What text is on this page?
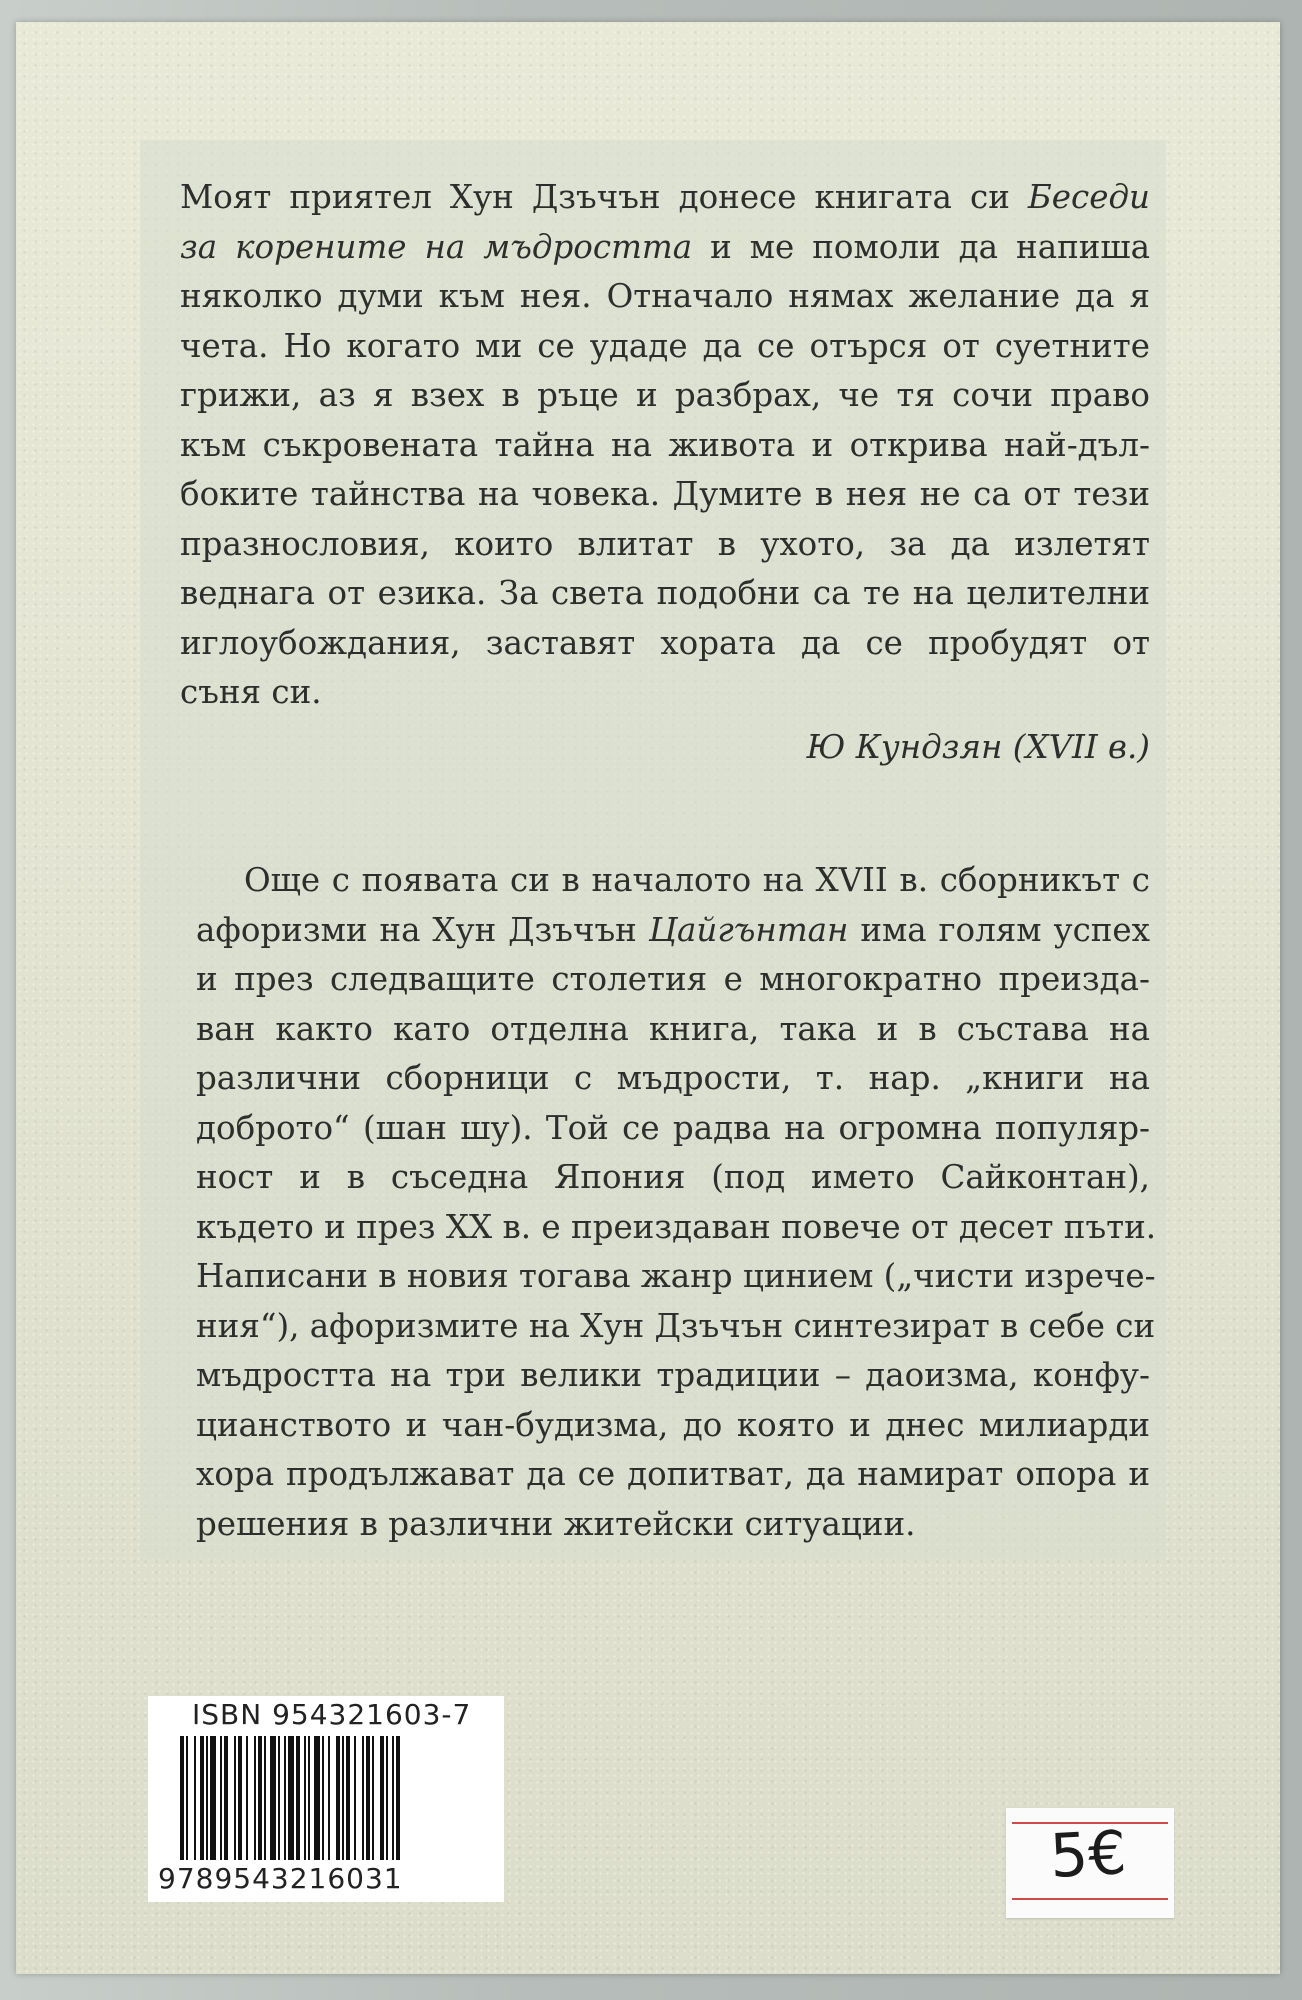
Моят приятел Хун Дзъчън донесе книгата си Беседи
за корените на мъдростта и ме помоли да напиша
няколко думи към нея. Отначало нямах желание да я
чета. Но когато ми се удаде да се отърся от суетните
грижи, аз я взех в ръце и разбрах, че тя сочи право
към съкровената тайна на живота и открива най-дъл-
боките тайнства на човека. Думите в нея не са от тези
празнословия, които влитат в ухото, за да излетят
веднага от езика. За света подобни са те на целителни
иглоубождания, заставят хората да се пробудят от
съня си.
Ю Кундзян (XVII в.)
Още с появата си в началото на XVII в. сборникът с
афоризми на Хун Дзъчън Цайгънтан има голям успех
и през следващите столетия е многократно преизда-
ван както като отделна книга, така и в състава на
различни сборници с мъдрости, т. нар. „книги на
доброто“ (шан шу). Той се радва на огромна популяр-
ност и в съседна Япония (под името Сайконтан),
където и през XX в. е преиздаван повече от десет пъти.
Написани в новия тогава жанр цинием („чисти изрече-
ния“), афоризмите на Хун Дзъчън синтезират в себе си
мъдростта на три велики традиции – даоизма, конфу-
цианството и чан-будизма, до която и днес милиарди
хора продължават да се допитват, да намират опора и
решения в различни житейски ситуации.
ISBN 954321603-7
9789543216031	5€
